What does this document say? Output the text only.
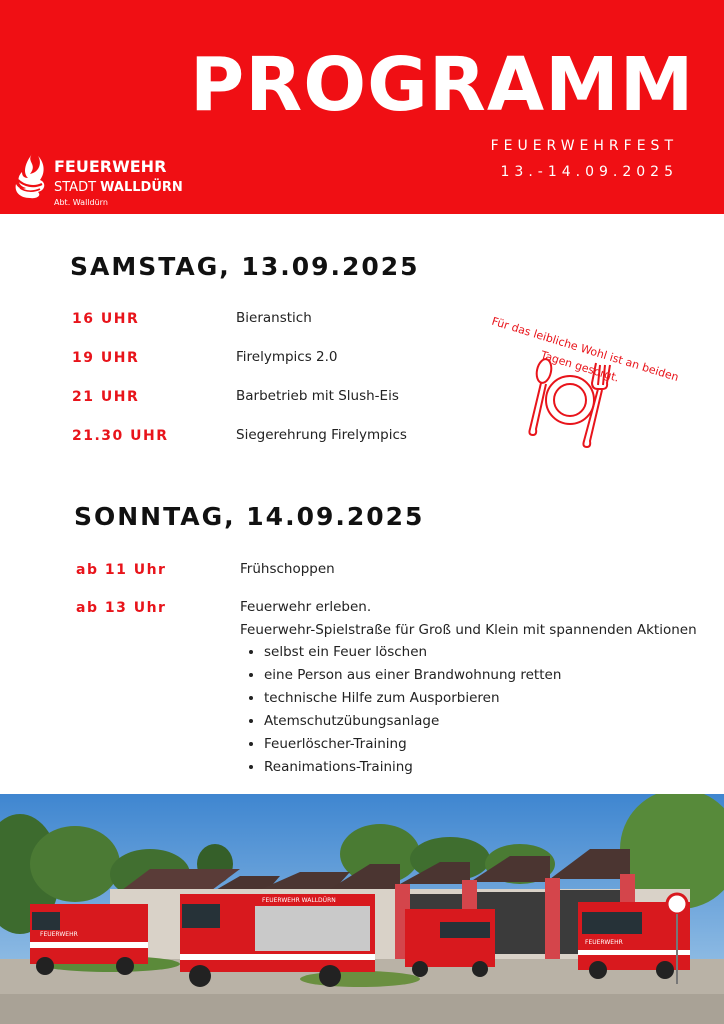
PROGRAMM
FEUERWEHRFEST
13.-14.09.2025
FEUERWEHR
STADT WALLDÜRN
Abt. Walldürn
SAMSTAG, 13.09.2025
16 UHR	Bieranstich
19 UHR	Firelympics 2.0
21 UHR	Barbetrieb mit Slush-Eis
21.30 UHR	Siegerehrung Firelympics
Für das leibliche Wohl ist an beiden Tagen gesorgt.
SONNTAG, 14.09.2025
ab 11 Uhr	Frühschoppen
ab 13 Uhr	Feuerwehr erleben.
Feuerwehr-Spielstraße für Groß und Klein mit spannenden Aktionen
• selbst ein Feuer löschen
• eine Person aus einer Brandwohnung retten
• technische Hilfe zum Ausporbieren
• Atemschutzübungsanlage
• Feuerlöscher-Training
• Reanimations-Training
FEUERWEHR
FEUERWEHR WALLDÜRN
FEUERWEHR
